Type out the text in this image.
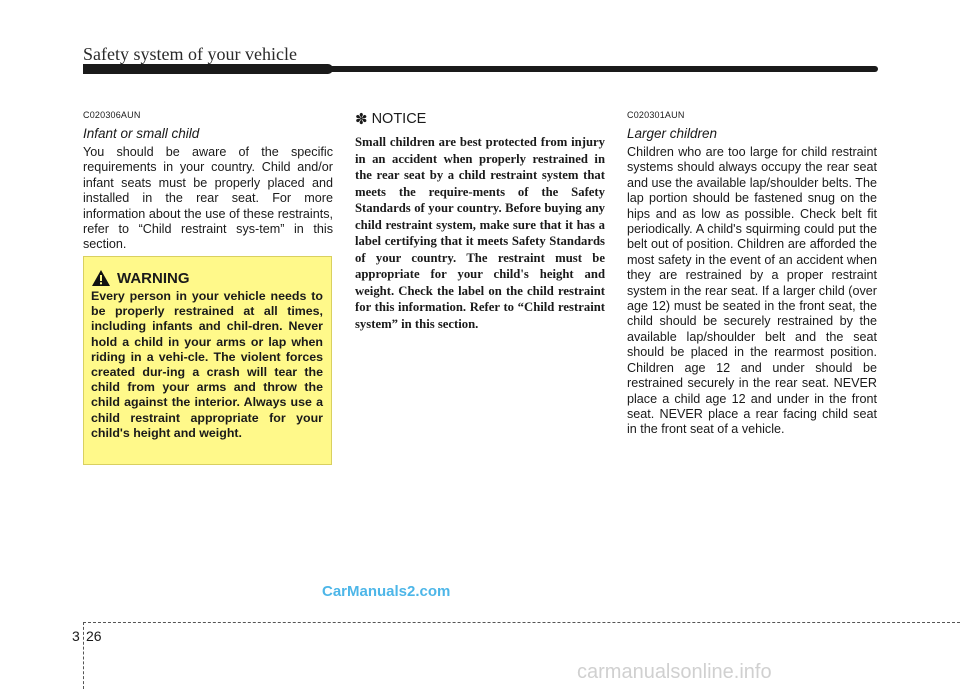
Safety system of your vehicle

C020306AUN

Infant or small child

You should be aware of the specific requirements in your country. Child and/or infant seats must be properly placed and installed in the rear seat. For more information about the use of these restraints, refer to “Child restraint sys-tem” in this section.

WARNING

Every person in your vehicle needs to be properly restrained at all times, including infants and chil-dren. Never hold a child in your arms or lap when riding in a vehi-cle. The violent forces created dur-ing a crash will tear the child from your arms and throw the child against the interior. Always use a child restraint appropriate for your child's height and weight.

✽ NOTICE

Small children are best protected from injury in an accident when properly restrained in the rear seat by a child restraint system that meets the require-ments of the Safety Standards of your country. Before buying any child restraint system, make sure that it has a label certifying that it meets Safety Standards of your country. The restraint must be appropriate for your child's height and weight. Check the label on the child restraint for this information. Refer to “Child restraint system” in this section.

C020301AUN

Larger children

Children who are too large for child restraint systems should always occupy the rear seat and use the available lap/shoulder belts. The lap portion should be fastened snug on the hips and as low as possible. Check belt fit periodically. A child's squirming could put the belt out of position. Children are afforded the most safety in the event of an accident when they are restrained by a proper restraint system in the rear seat. If a larger child (over age 12) must be seated in the front seat, the child should be securely restrained by the available lap/shoulder belt and the seat should be placed in the rearmost position. Children age 12 and under should be restrained securely in the rear seat. NEVER place a child age 12 and under in the front seat. NEVER place a rear facing child seat in the front seat of a vehicle.

CarManuals2.com
3 26
carmanualsonline.info
